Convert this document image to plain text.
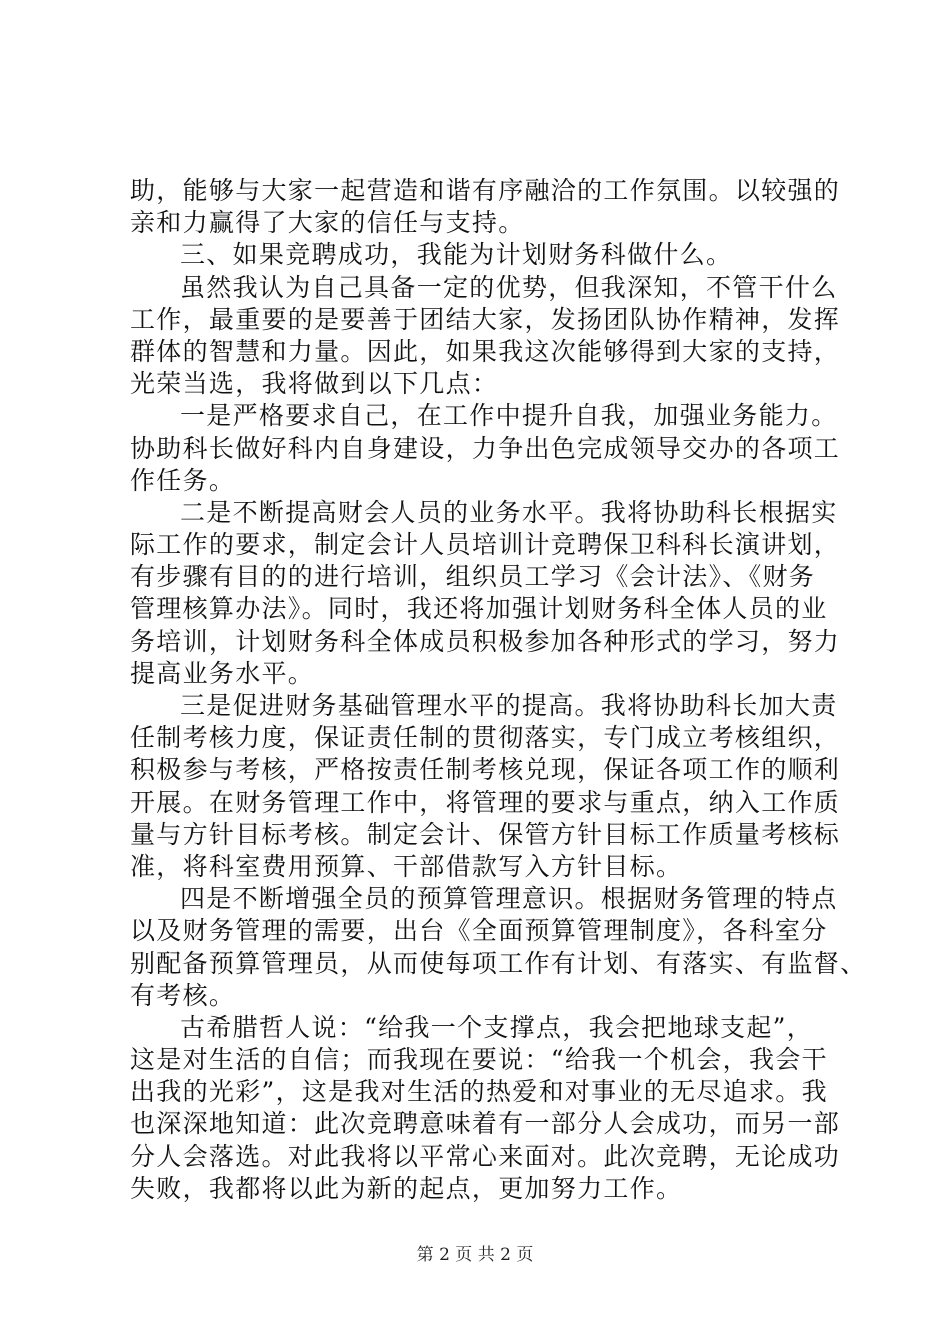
助，能够与大家一起营造和谐有序融洽的工作氛围。以较强的
亲和力赢得了大家的信任与支持。
三、如果竞聘成功，我能为计划财务科做什么。
虽然我认为自己具备一定的优势，但我深知，不管干什么
工作，最重要的是要善于团结大家，发扬团队协作精神，发挥
群体的智慧和力量。因此，如果我这次能够得到大家的支持，
光荣当选，我将做到以下几点：
一是严格要求自己，在工作中提升自我，加强业务能力。
协助科长做好科内自身建设，力争出色完成领导交办的各项工
作任务。
二是不断提高财会人员的业务水平。我将协助科长根据实
际工作的要求，制定会计人员培训计竞聘保卫科科长演讲划，
有步骤有目的的进行培训，组织员工学习《会计法》、《财务
管理核算办法》。同时，我还将加强计划财务科全体人员的业
务培训，计划财务科全体成员积极参加各种形式的学习，努力
提高业务水平。
三是促进财务基础管理水平的提高。我将协助科长加大责
任制考核力度，保证责任制的贯彻落实，专门成立考核组织，
积极参与考核，严格按责任制考核兑现，保证各项工作的顺利
开展。在财务管理工作中，将管理的要求与重点，纳入工作质
量与方针目标考核。制定会计、保管方针目标工作质量考核标
准，将科室费用预算、干部借款写入方针目标。
四是不断增强全员的预算管理意识。根据财务管理的特点
以及财务管理的需要，出台《全面预算管理制度》，各科室分
别配备预算管理员，从而使每项工作有计划、有落实、有监督、
有考核。
古希腊哲人说：“给我一个支撑点，我会把地球支起”，
这是对生活的自信；而我现在要说：“给我一个机会，我会干
出我的光彩”，这是我对生活的热爱和对事业的无尽追求。我
也深深地知道：此次竞聘意味着有一部分人会成功，而另一部
分人会落选。对此我将以平常心来面对。此次竞聘，无论成功
失败，我都将以此为新的起点，更加努力工作。
第 2 页 共 2 页
